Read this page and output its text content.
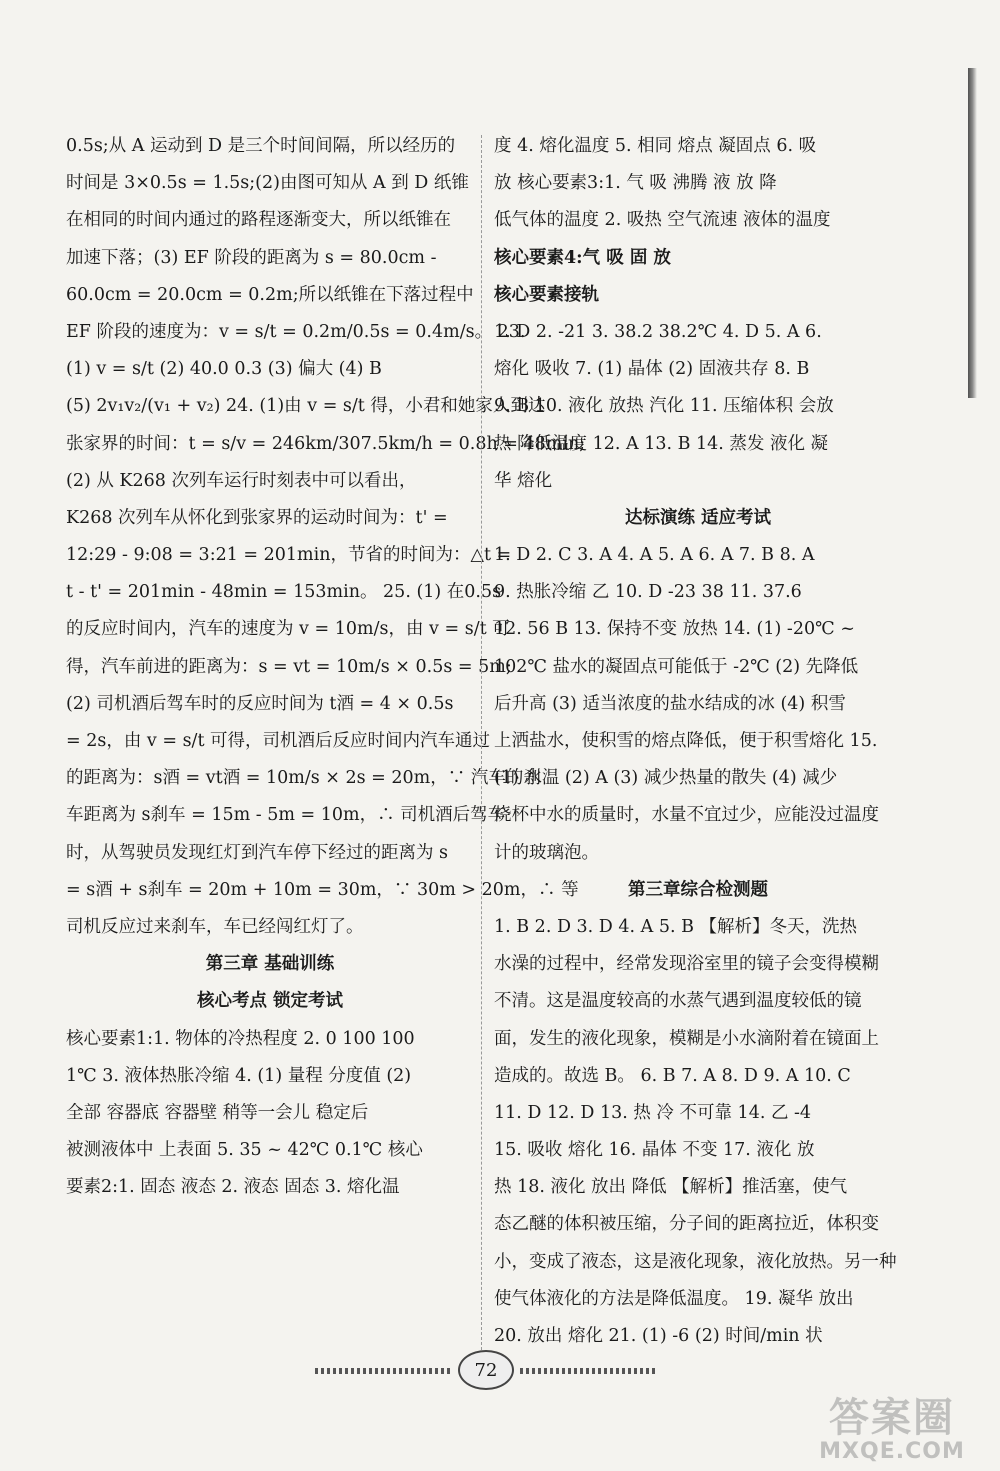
0.5s;从 A 运动到 D 是三个时间间隔，所以经历的
时间是 3×0.5s = 1.5s;(2)由图可知从 A 到 D 纸锥
在相同的时间内通过的路程逐渐变大，所以纸锥在
加速下落；(3) EF 阶段的距离为 s = 80.0cm -
60.0cm = 20.0cm = 0.2m;所以纸锥在下落过程中
EF 阶段的速度为：v = s/t = 0.2m/0.5s = 0.4m/s。 23.
(1) v = s/t (2) 40.0 0.3 (3) 偏大 (4) B
(5) 2v₁v₂/(v₁ + v₂) 24. (1)由 v = s/t 得，小君和她家人到达
张家界的时间：t = s/v = 246km/307.5km/h = 0.8h = 48min;
(2) 从 K268 次列车运行时刻表中可以看出，
K268 次列车从怀化到张家界的运动时间为：t' =
12:29 - 9:08 = 3:21 = 201min，节省的时间为：△t =
t - t' = 201min - 48min = 153min。 25. (1) 在0.5s
的反应时间内，汽车的速度为 v = 10m/s，由 v = s/t 可
得，汽车前进的距离为：s = vt = 10m/s × 0.5s = 5m;
(2) 司机酒后驾车时的反应时间为 t酒 = 4 × 0.5s
= 2s，由 v = s/t 可得，司机酒后反应时间内汽车通过
的距离为：s酒 = vt酒 = 10m/s × 2s = 20m，∵ 汽车的刹
车距离为 s刹车 = 15m - 5m = 10m，∴ 司机酒后驾车
时，从驾驶员发现红灯到汽车停下经过的距离为 s
= s酒 + s刹车 = 20m + 10m = 30m，∵ 30m > 20m，∴ 等
司机反应过来刹车，车已经闯红灯了。
第三章 基础训练
核心考点 锁定考试
核心要素1:1. 物体的冷热程度 2. 0 100 100
1℃ 3. 液体热胀冷缩 4. (1) 量程 分度值 (2)
全部 容器底 容器壁 稍等一会儿 稳定后
被测液体中 上表面 5. 35 ~ 42℃ 0.1℃ 核心
要素2:1. 固态 液态 2. 液态 固态 3. 熔化温
度 4. 熔化温度 5. 相同 熔点 凝固点 6. 吸
放 核心要素3:1. 气 吸 沸腾 液 放 降
低气体的温度 2. 吸热 空气流速 液体的温度
核心要素4:气 吸 固 放
核心要素接轨
1. D 2. -21 3. 38.2 38.2℃ 4. D 5. A 6.
熔化 吸收 7. (1) 晶体 (2) 固液共存 8. B
9. B 10. 液化 放热 汽化 11. 压缩体积 会放
热 降低温度 12. A 13. B 14. 蒸发 液化 凝
华 熔化
达标演练 适应考试
1. D 2. C 3. A 4. A 5. A 6. A 7. B 8. A
9. 热胀冷缩 乙 10. D -23 38 11. 37.6
12. 56 B 13. 保持不变 放热 14. (1) -20℃ ~
102℃ 盐水的凝固点可能低于 -2℃ (2) 先降低
后升高 (3) 适当浓度的盐水结成的冰 (4) 积雪
上洒盐水，使积雪的熔点降低，便于积雪熔化 15.
(1) 水温 (2) A (3) 减少热量的散失 (4) 减少
烧杯中水的质量时，水量不宜过少，应能没过温度
计的玻璃泡。
第三章综合检测题
1. B 2. D 3. D 4. A 5. B 【解析】冬天，洗热
水澡的过程中，经常发现浴室里的镜子会变得模糊
不清。这是温度较高的水蒸气遇到温度较低的镜
面，发生的液化现象，模糊是小水滴附着在镜面上
造成的。故选 B。 6. B 7. A 8. D 9. A 10. C
11. D 12. D 13. 热 冷 不可靠 14. 乙 -4
15. 吸收 熔化 16. 晶体 不变 17. 液化 放
热 18. 液化 放出 降低 【解析】推活塞，使气
态乙醚的体积被压缩，分子间的距离拉近，体积变
小，变成了液态，这是液化现象，液化放热。另一种
使气体液化的方法是降低温度。 19. 凝华 放出
20. 放出 熔化 21. (1) -6 (2) 时间/min 状
72
答案圈
MXQE.COM
